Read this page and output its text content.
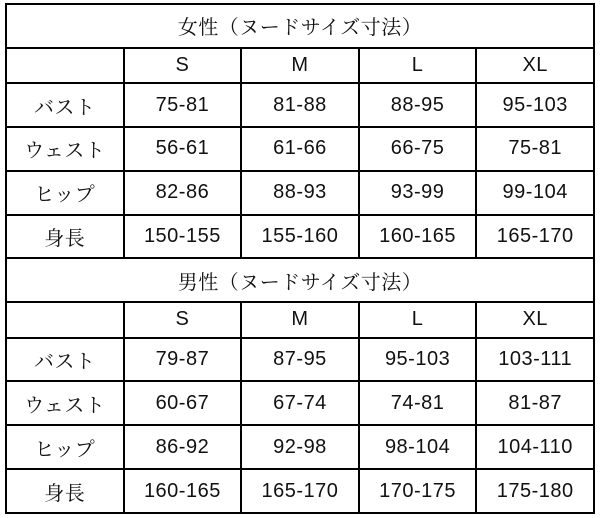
女性（ヌードサイズ寸法）				
	S	M	L	XL
バスト	75-81	81-88	88-95	95-103
ウェスト	56-61	61-66	66-75	75-81
ヒップ	82-86	88-93	93-99	99-104
身長	150-155	155-160	160-165	165-170
男性（ヌードサイズ寸法）				
	S	M	L	XL
バスト	79-87	87-95	95-103	103-111
ウェスト	60-67	67-74	74-81	81-87
ヒップ	86-92	92-98	98-104	104-110
身長	160-165	165-170	170-175	175-180
